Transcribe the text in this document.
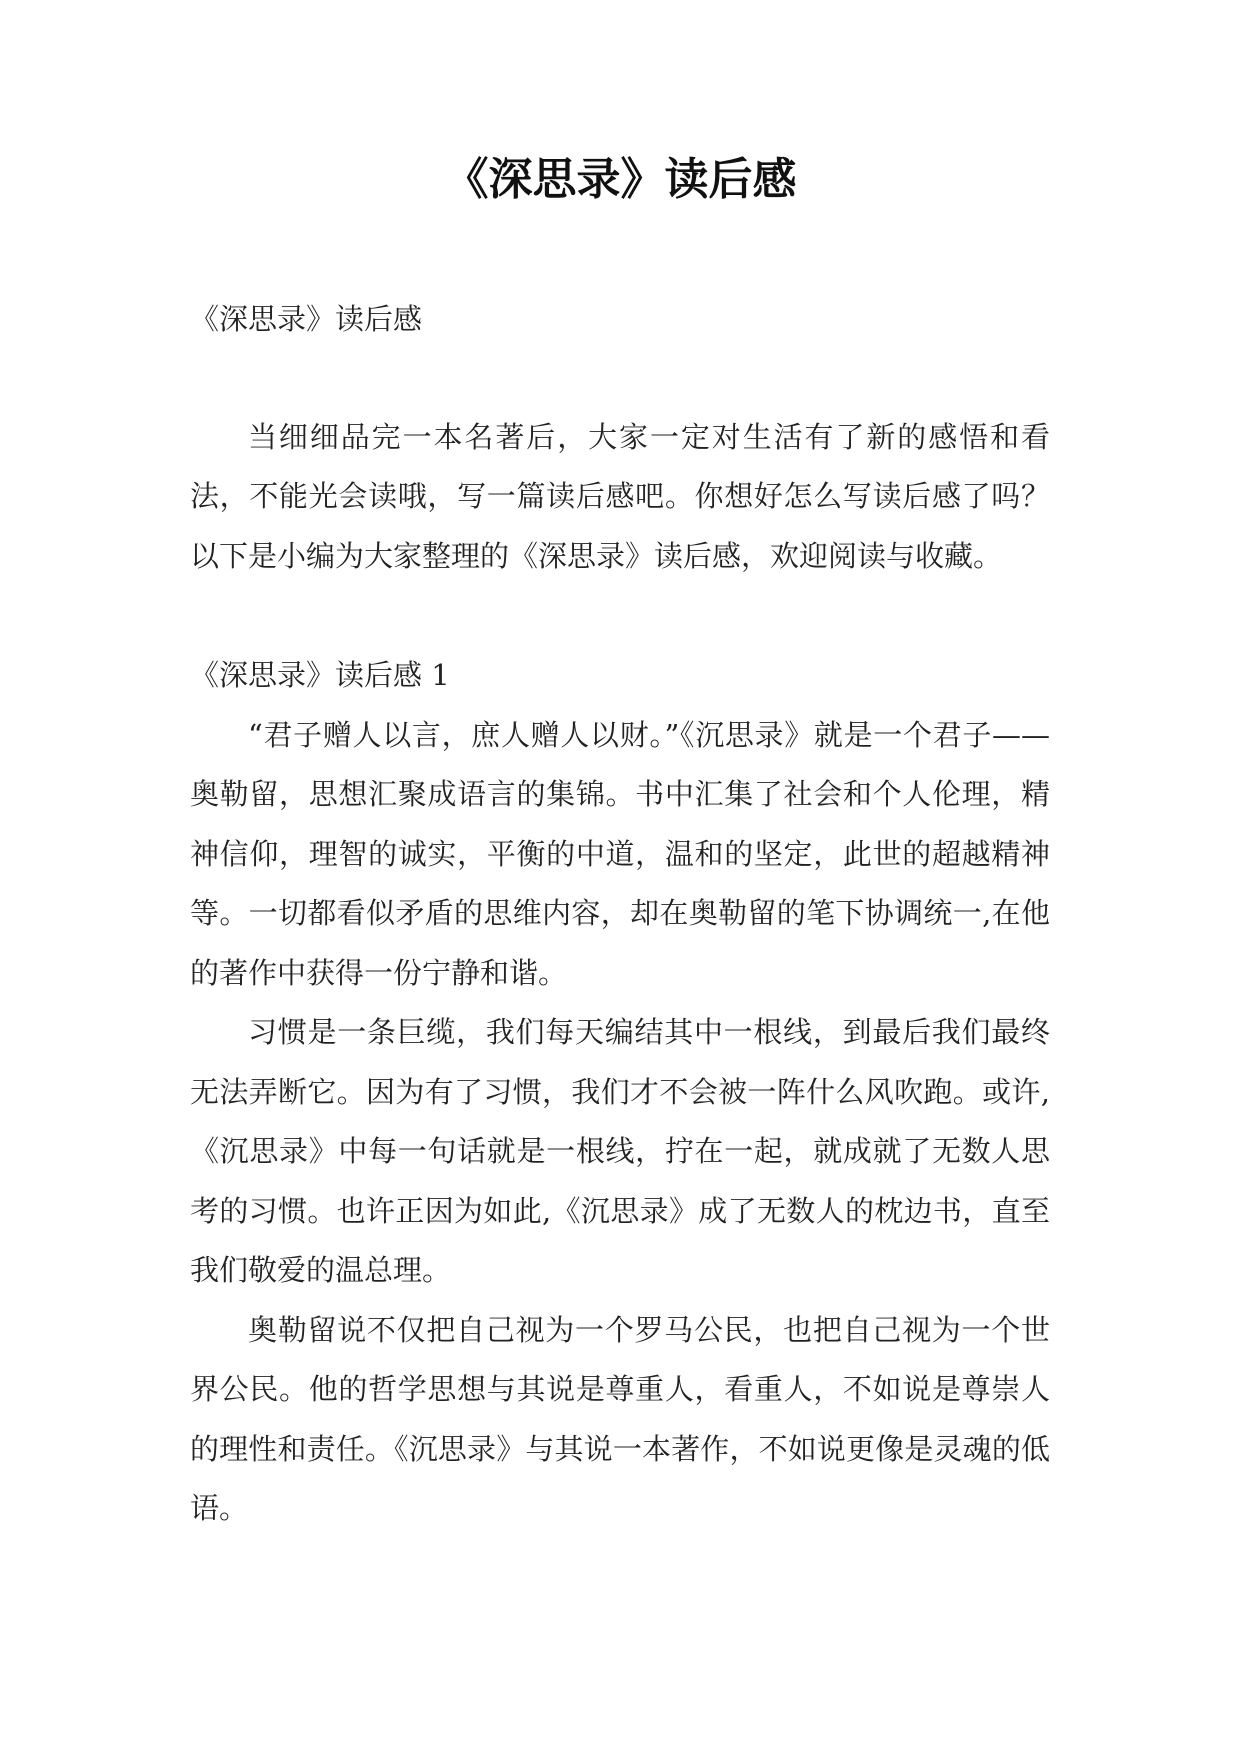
《深思录》读后感

《深思录》读后感

当细细品完一本名著后，大家一定对生活有了新的感悟和看法，不能光会读哦，写一篇读后感吧。你想好怎么写读后感了吗？以下是小编为大家整理的《深思录》读后感，欢迎阅读与收藏。

《深思录》读后感 1

“君子赠人以言，庶人赠人以财。”《沉思录》就是一个君子——奥勒留，思想汇聚成语言的集锦。书中汇集了社会和个人伦理，精神信仰，理智的诚实，平衡的中道，温和的坚定，此世的超越精神等。一切都看似矛盾的思维内容，却在奥勒留的笔下协调统一,在他的著作中获得一份宁静和谐。

习惯是一条巨缆，我们每天编结其中一根线，到最后我们最终无法弄断它。因为有了习惯，我们才不会被一阵什么风吹跑。或许,《沉思录》中每一句话就是一根线，拧在一起，就成就了无数人思考的习惯。也许正因为如此,《沉思录》成了无数人的枕边书，直至我们敬爱的温总理。

奥勒留说不仅把自己视为一个罗马公民，也把自己视为一个世界公民。他的哲学思想与其说是尊重人，看重人，不如说是尊崇人的理性和责任。《沉思录》与其说一本著作，不如说更像是灵魂的低语。
